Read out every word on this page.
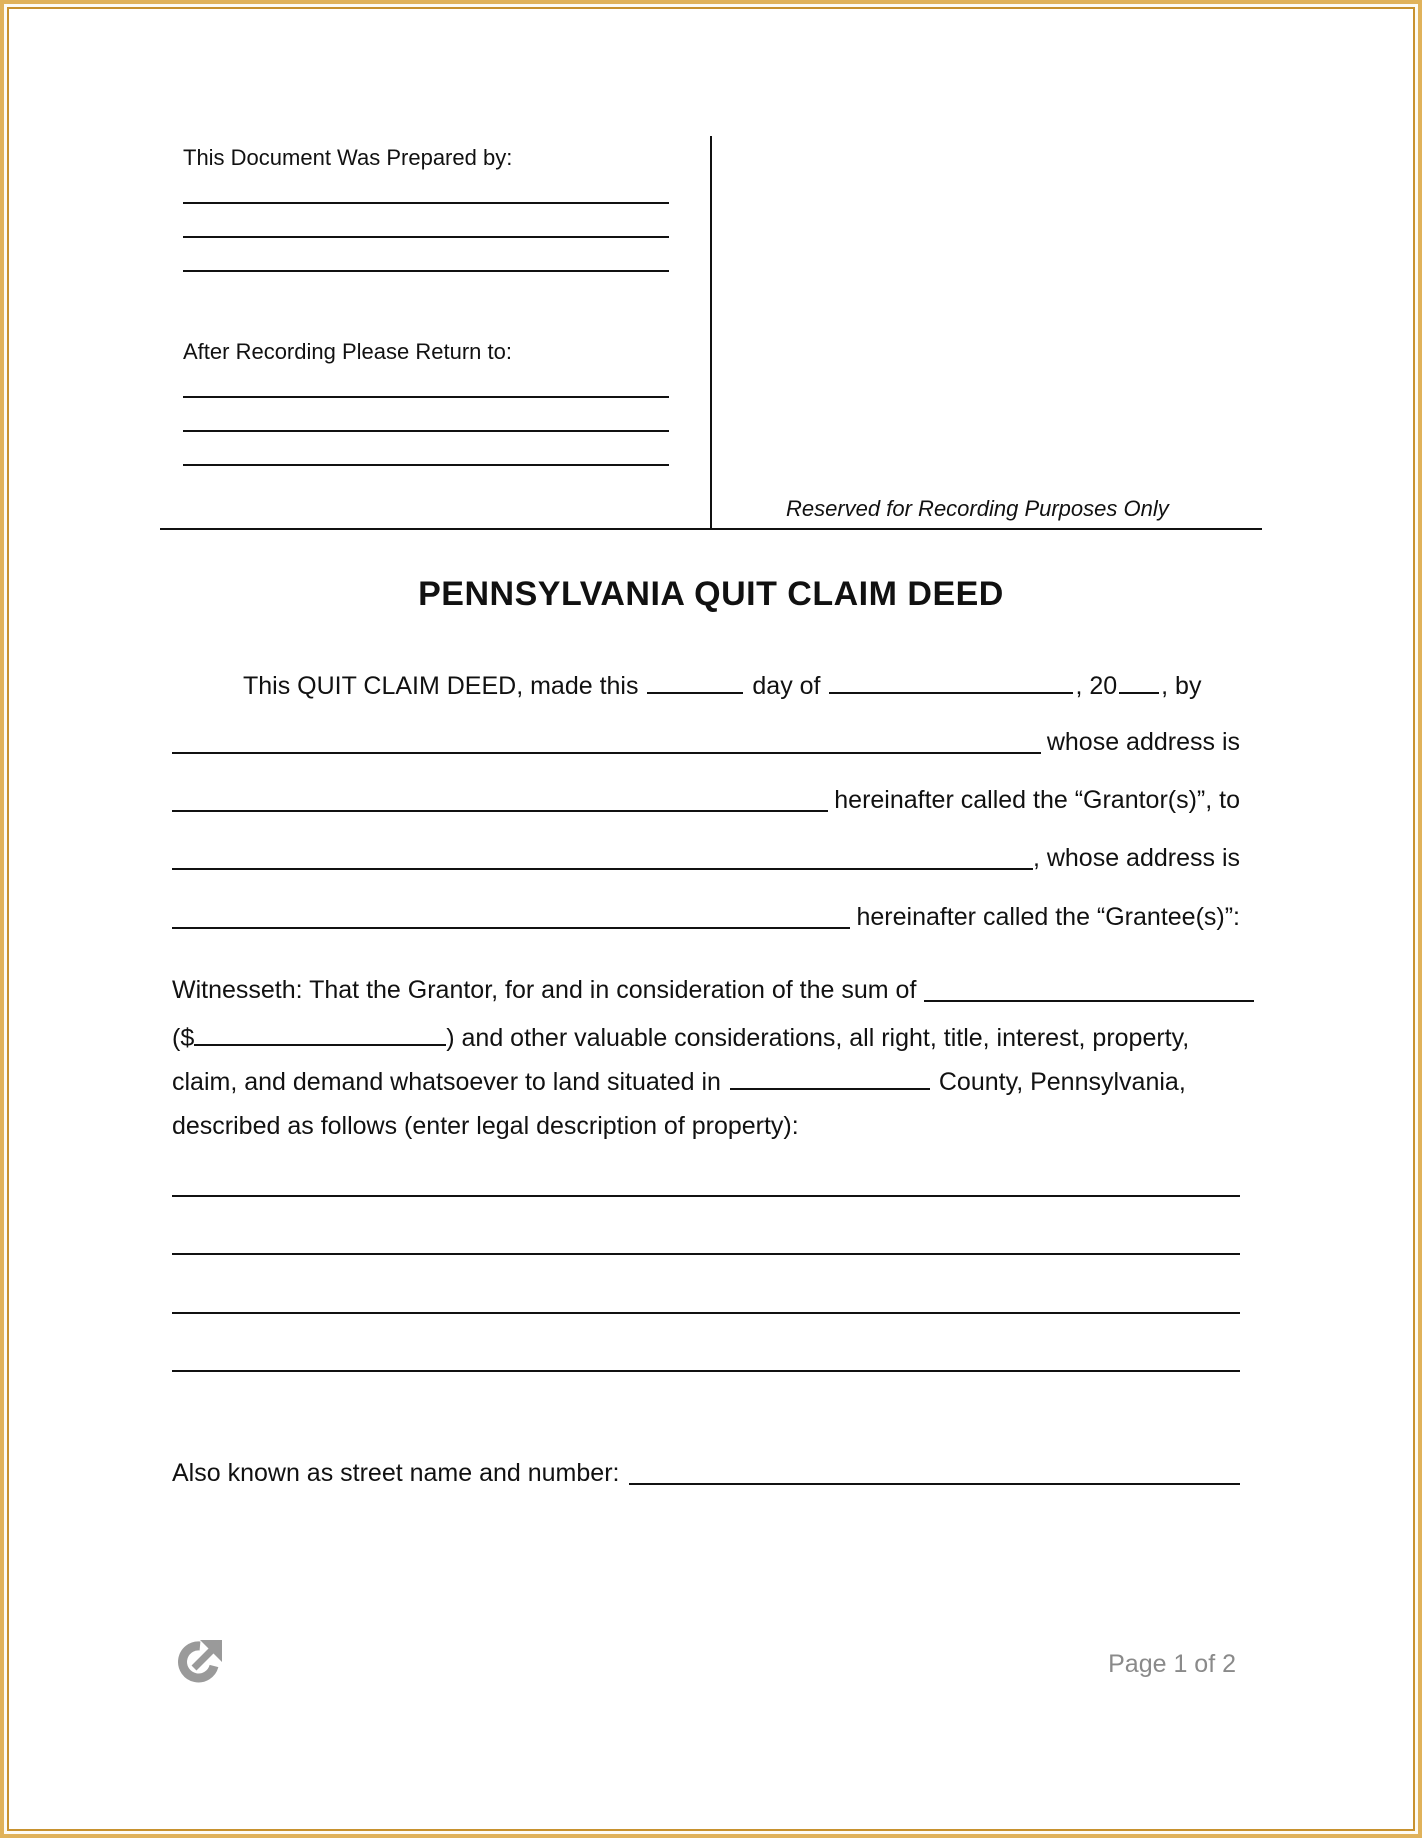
This Document Was Prepared by:
After Recording Please Return to:
Reserved for Recording Purposes Only
PENNSYLVANIA QUIT CLAIM DEED
This QUIT CLAIM DEED, made this	day of	, 20 , by
whose address is
hereinafter called the “Grantor(s)”, to
, whose address is
hereinafter called the “Grantee(s)”:
Witnesseth: That the Grantor, for and in consideration of the sum of
($	) and other valuable considerations, all right, title, interest, property,
claim, and demand whatsoever to land situated in	County, Pennsylvania,
described as follows (enter legal description of property):
Also known as street name and number:
Page 1 of 2
